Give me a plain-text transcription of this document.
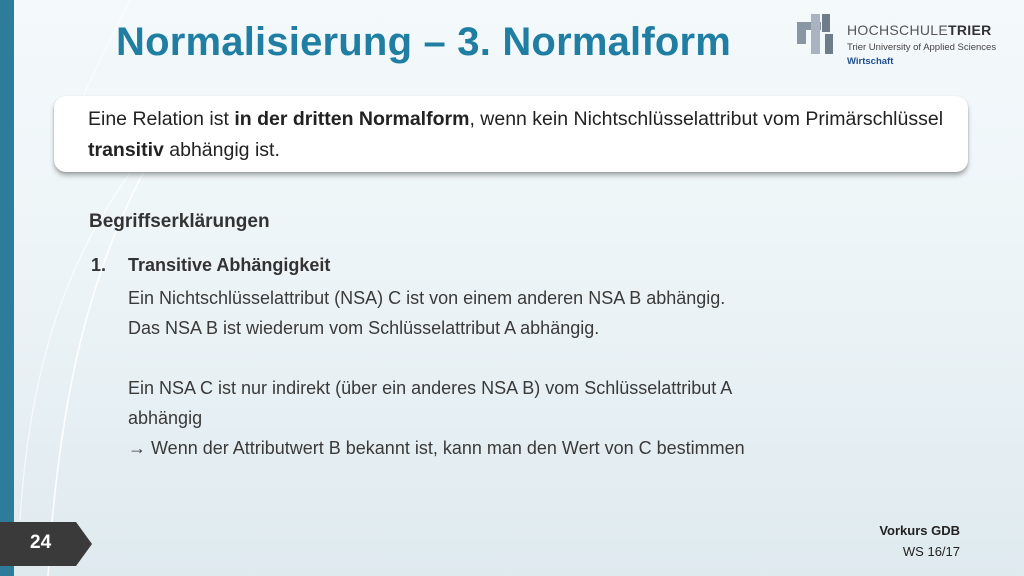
Normalisierung – 3. Normalform	HOCHSCHULETRIER
Trier University of Applied Sciences
Wirtschaft

Eine Relation ist in der dritten Normalform, wenn kein Nichtschlüsselattribut vom Primärschlüssel transitiv abhängig ist.

Begriffserklärungen
1. Transitive Abhängigkeit
Ein Nichtschlüsselattribut (NSA) C ist von einem anderen NSA B abhängig.
Das NSA B ist wiederum vom Schlüsselattribut A abhängig.
Ein NSA C ist nur indirekt (über ein anderes NSA B) vom Schlüsselattribut A
abhängig
→ Wenn der Attributwert B bekannt ist, kann man den Wert von C bestimmen
24
Vorkurs GDB
WS 16/17
